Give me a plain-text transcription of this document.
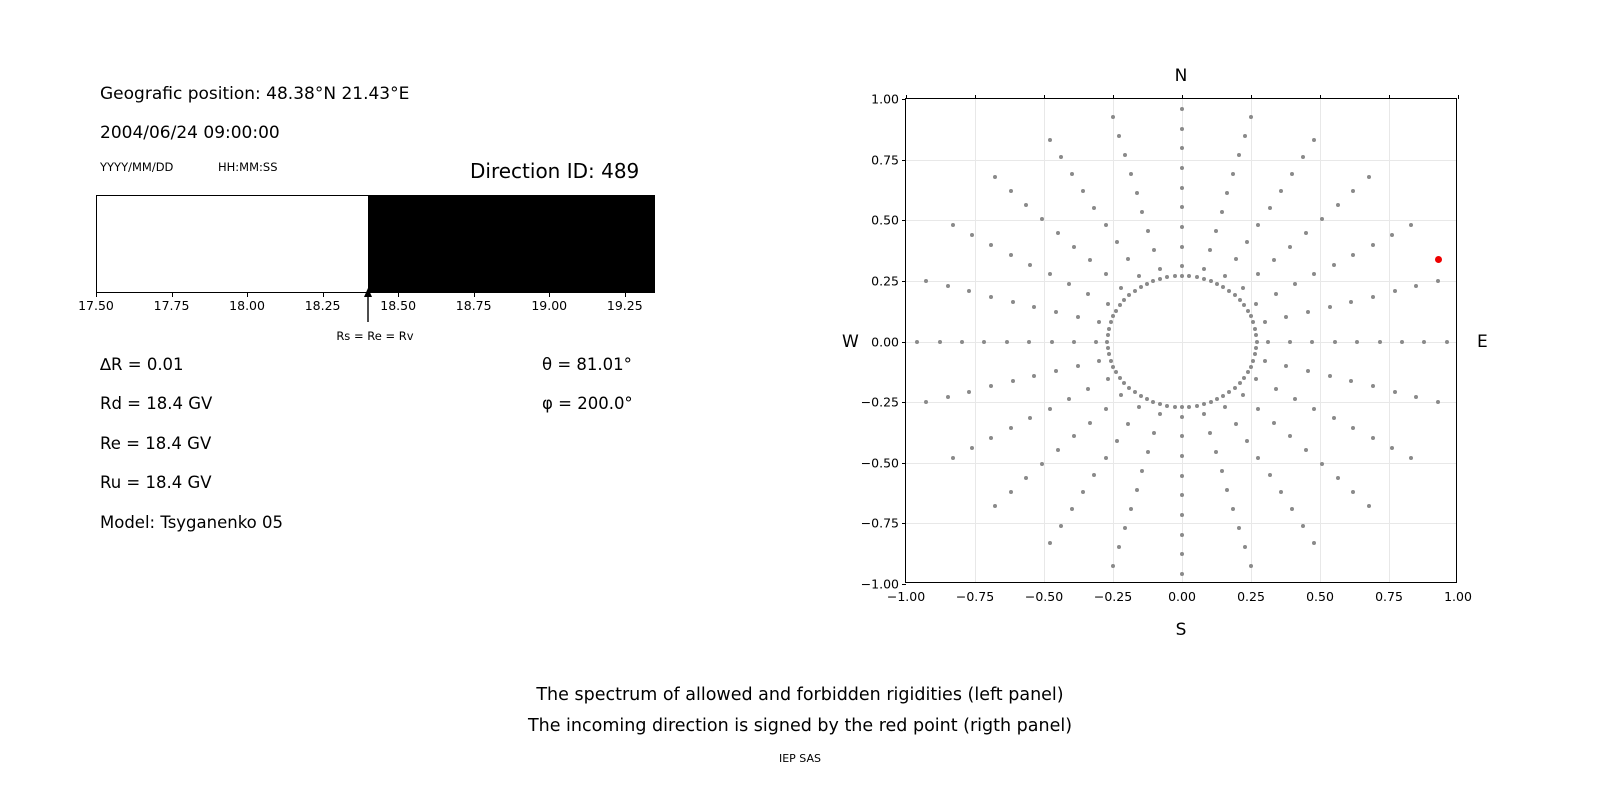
Geografic position: 48.38°N 21.43°E
2004/06/24 09:00:00
YYYY/MM/DD	HH:MM:SS	Direction ID: 489
17.50	17.75	18.00	18.25	18.50	18.75	19.00	19.25
Rs = Re = Rv
∆R = 0.01
Rd = 18.4 GV
Re = 18.4 GV
Ru = 18.4 GV
Model: Tsyganenko 05
θ = 81.01°
φ = 200.0°
N
S
W	E
−1.00
−0.75
−0.50
−0.25
0.00
0.25
0.50
0.75
1.00
−1.00 −0.75 −0.50 −0.25	0.00	0.25	0.50	0.75	1.00
The spectrum of allowed and forbidden rigidities (left panel)
The incoming direction is signed by the red point (rigth panel)
IEP SAS
